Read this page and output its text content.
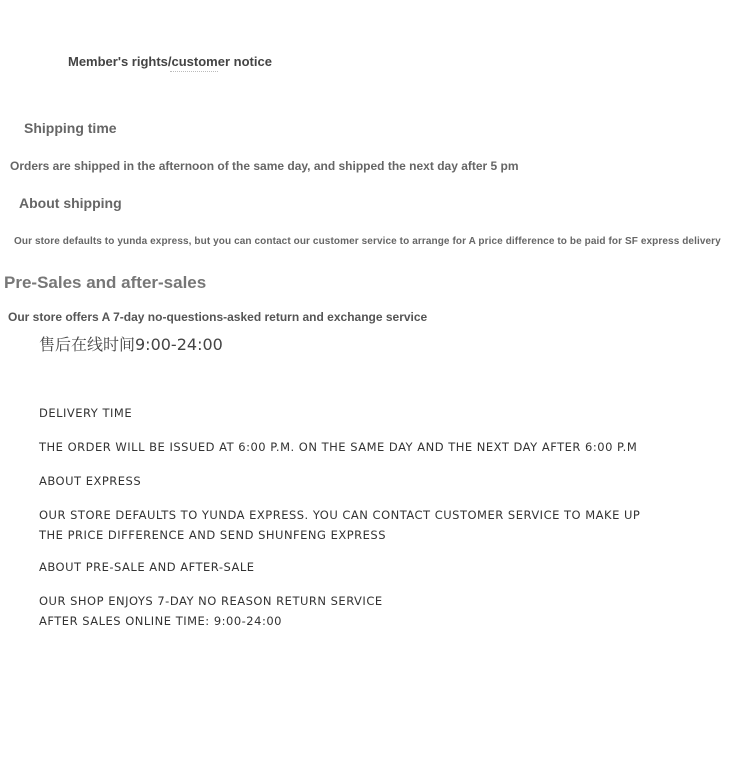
Member's rights/customer notice
Shipping time
Orders are shipped in the afternoon of the same day, and shipped the next day after 5 pm
About shipping
Our store defaults to yunda express, but you can contact our customer service to arrange for A price difference to be paid for SF express delivery
Pre-Sales and after-sales
Our store offers A 7-day no-questions-asked return and exchange service
售后在线时间9:00-24:00
DELIVERY TIME
THE ORDER WILL BE ISSUED AT 6:00 P.M. ON THE SAME DAY AND THE NEXT DAY AFTER 6:00 P.M
ABOUT EXPRESS
OUR STORE DEFAULTS TO YUNDA EXPRESS. YOU CAN CONTACT CUSTOMER SERVICE TO MAKE UP
THE PRICE DIFFERENCE AND SEND SHUNFENG EXPRESS
ABOUT PRE-SALE AND AFTER-SALE
OUR SHOP ENJOYS 7-DAY NO REASON RETURN SERVICE
AFTER SALES ONLINE TIME: 9:00-24:00
